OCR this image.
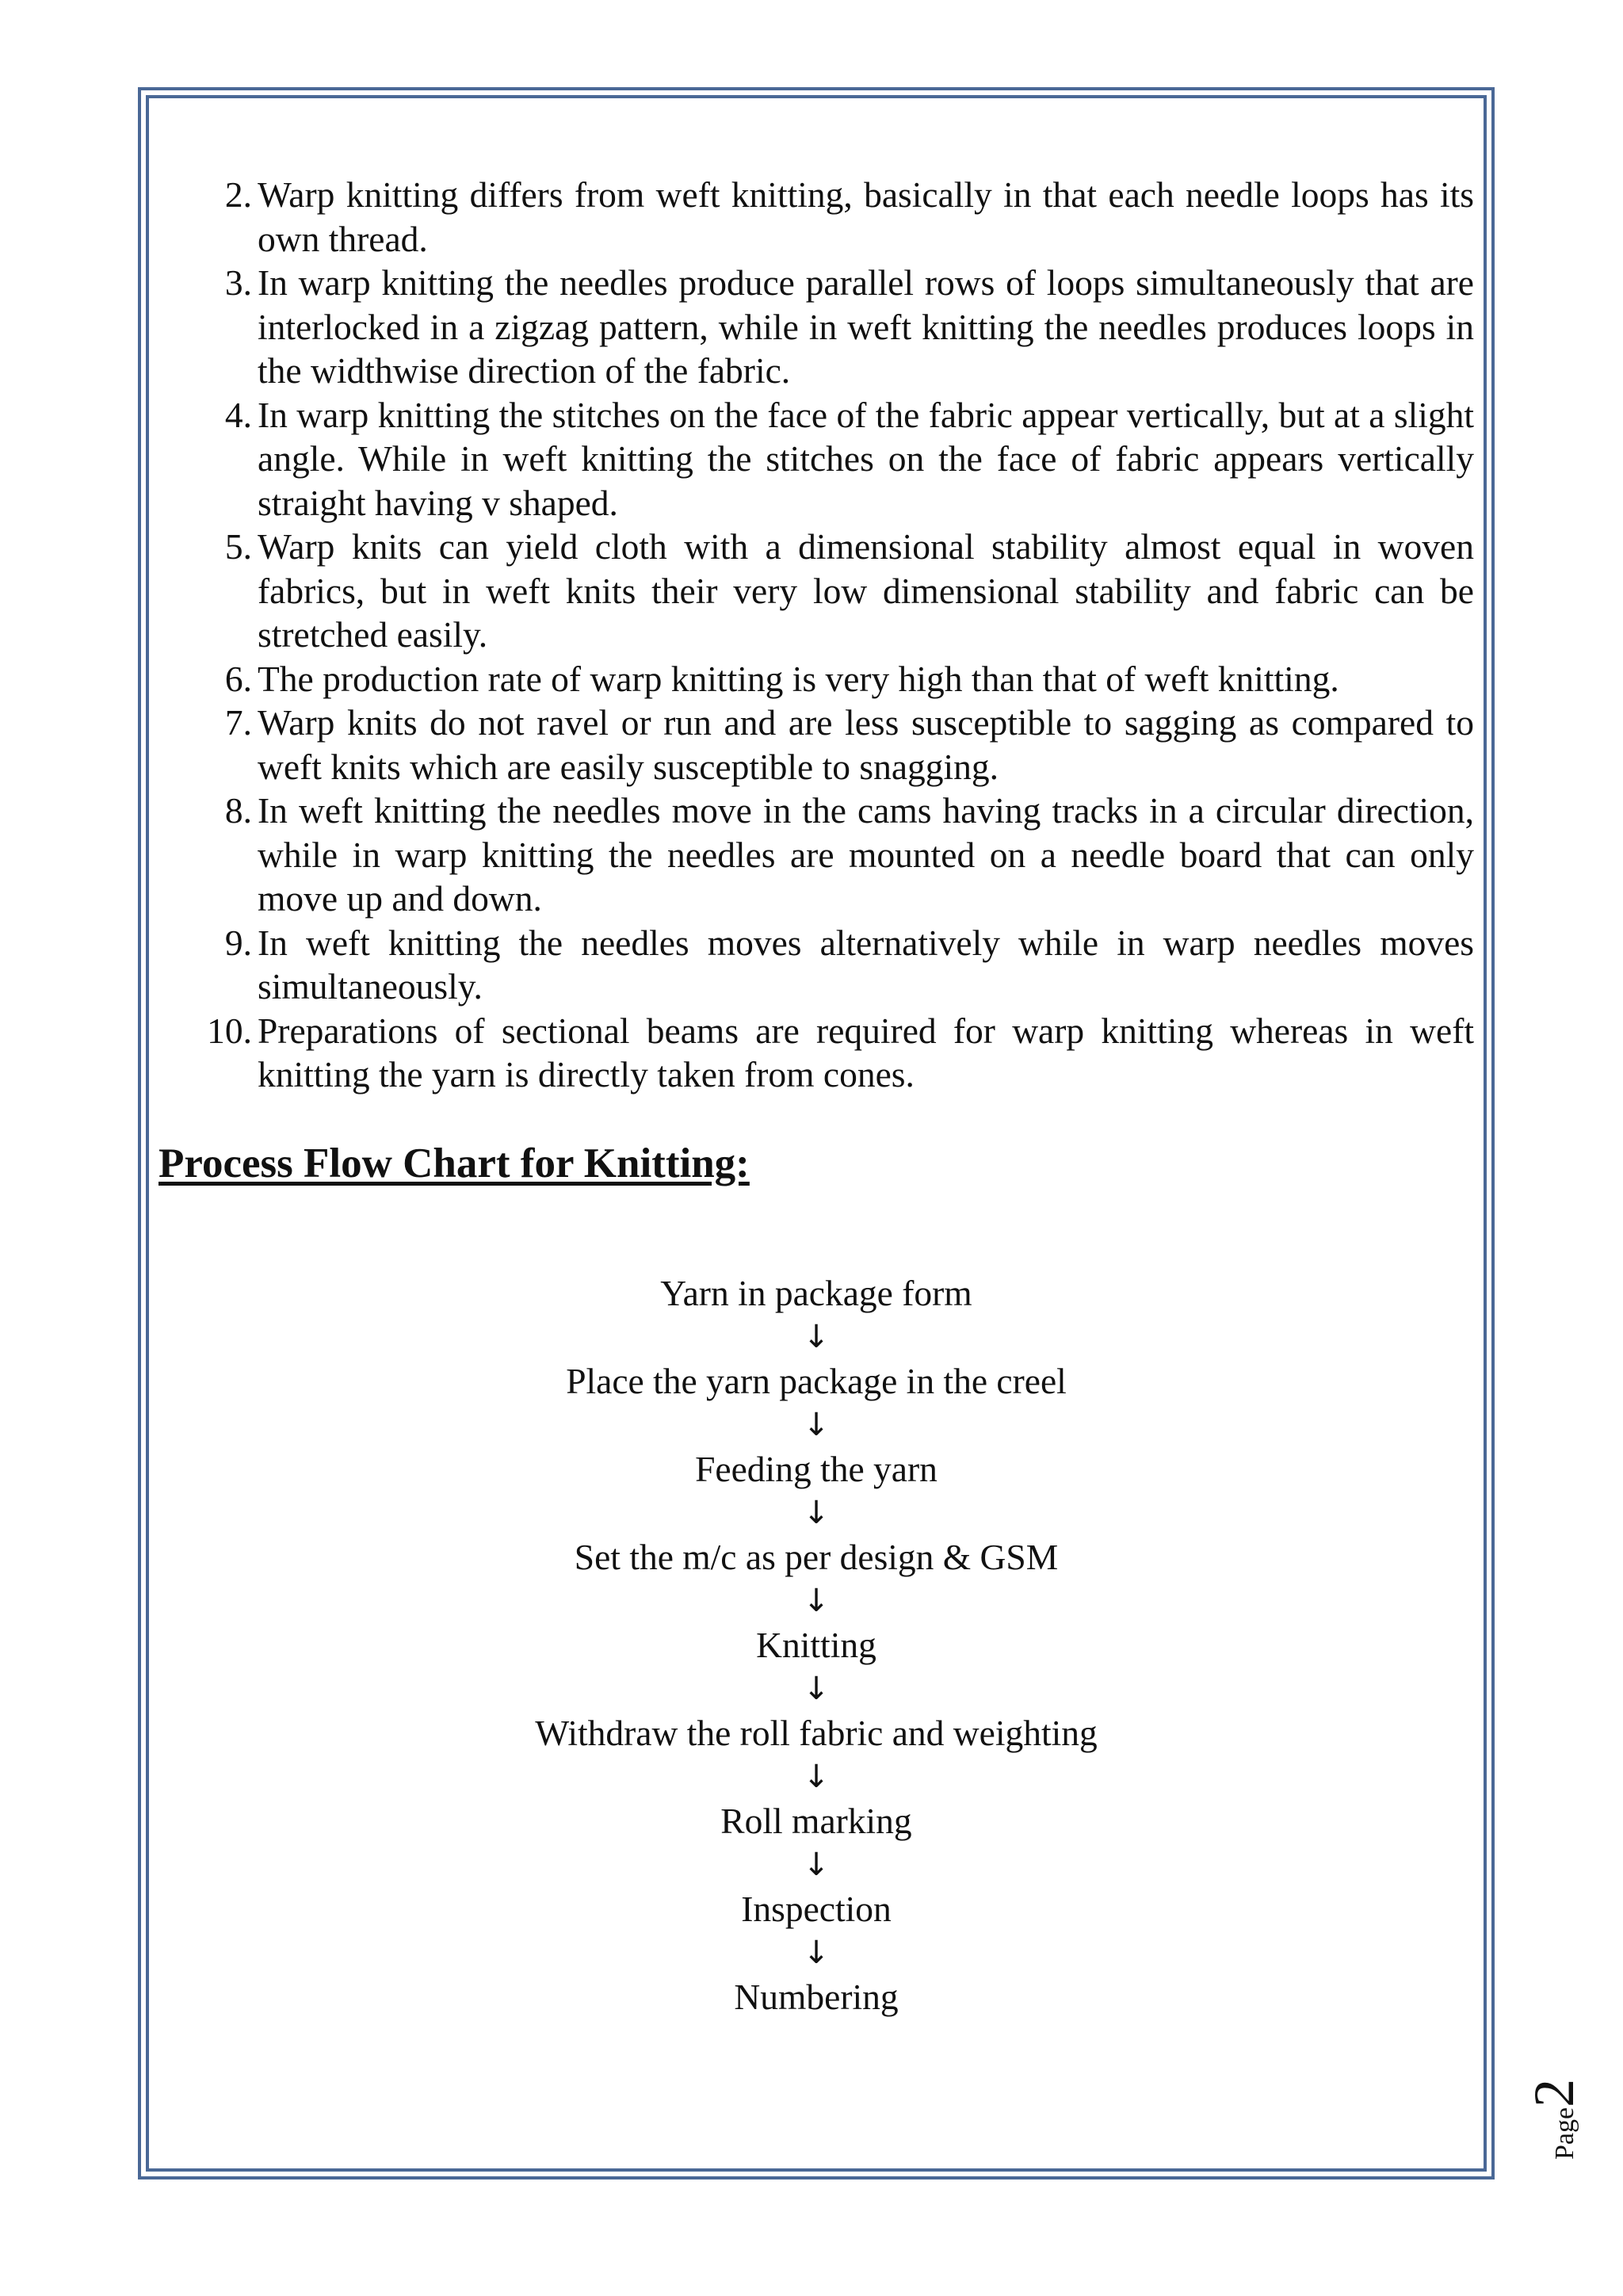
2. Warp knitting differs from weft knitting, basically in that each needle loops has its own thread.
3. In warp knitting the needles produce parallel rows of loops simultaneously that are interlocked in a zigzag pattern, while in weft knitting the needles produces loops in the widthwise direction of the fabric.
4. In warp knitting the stitches on the face of the fabric appear vertically, but at a slight angle. While in weft knitting the stitches on the face of fabric appears vertically straight having v shaped.
5. Warp knits can yield cloth with a dimensional stability almost equal in woven fabrics, but in weft knits their very low dimensional stability and fabric can be stretched easily.
6. The production rate of warp knitting is very high than that of weft knitting.
7. Warp knits do not ravel or run and are less susceptible to sagging as compared to weft knits which are easily susceptible to snagging.
8. In weft knitting the needles move in the cams having tracks in a circular direction, while in warp knitting the needles are mounted on a needle board that can only move up and down.
9. In weft knitting the needles moves alternatively while in warp needles moves simultaneously.
10. Preparations of sectional beams are required for warp knitting whereas in weft knitting the yarn is directly taken from cones.
Process Flow Chart for Knitting:
Yarn in package form
↓
Place the yarn package in the creel
↓
Feeding the yarn
↓
Set the m/c as per design & GSM
↓
Knitting
↓
Withdraw the roll fabric and weighting
↓
Roll marking
↓
Inspection
↓
Numbering
Page2
